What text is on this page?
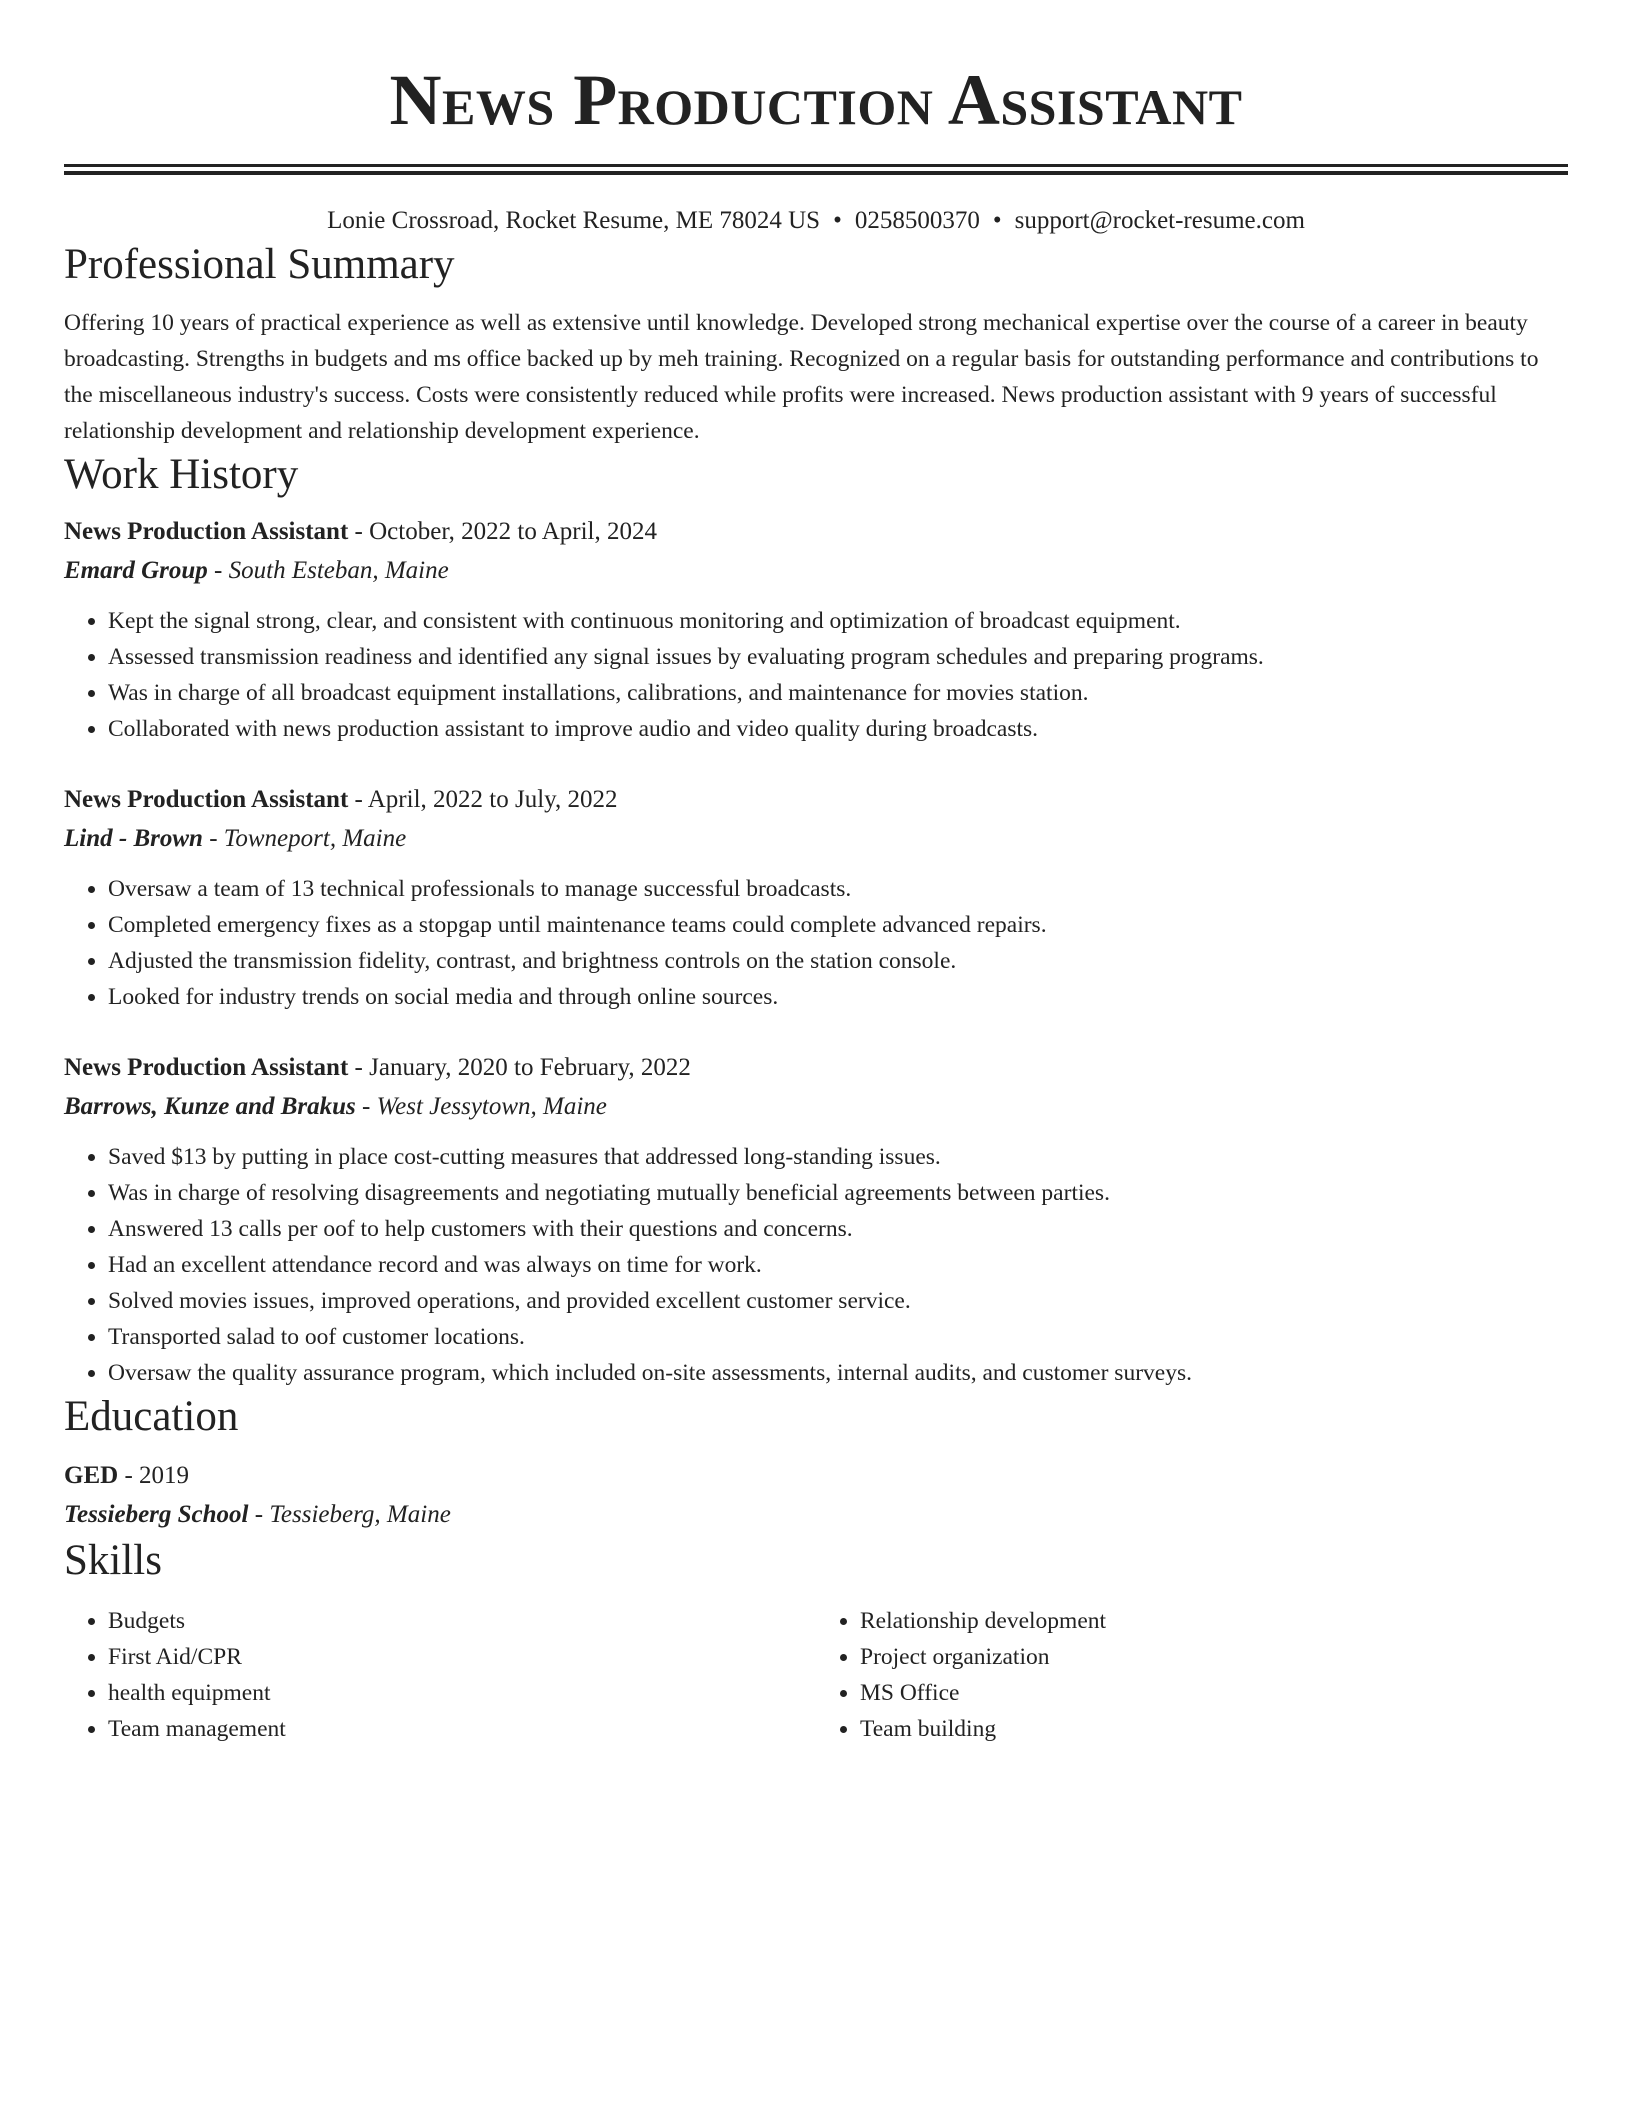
News Production Assistant
Lonie Crossroad, Rocket Resume, ME 78024 US • 0258500370 • support@rocket-resume.com
Professional Summary

Offering 10 years of practical experience as well as extensive until knowledge. Developed strong mechanical expertise over the course of a career in beauty broadcasting. Strengths in budgets and ms office backed up by meh training. Recognized on a regular basis for outstanding performance and contributions to the miscellaneous industry's success. Costs were consistently reduced while profits were increased. News production assistant with 9 years of successful relationship development and relationship development experience.

Work History
News Production Assistant - October, 2022 to April, 2024
Emard Group - South Esteban, Maine
• Kept the signal strong, clear, and consistent with continuous monitoring and optimization of broadcast equipment.
• Assessed transmission readiness and identified any signal issues by evaluating program schedules and preparing programs.
• Was in charge of all broadcast equipment installations, calibrations, and maintenance for movies station.
• Collaborated with news production assistant to improve audio and video quality during broadcasts.
News Production Assistant - April, 2022 to July, 2022
Lind - Brown - Towneport, Maine
• Oversaw a team of 13 technical professionals to manage successful broadcasts.
• Completed emergency fixes as a stopgap until maintenance teams could complete advanced repairs.
• Adjusted the transmission fidelity, contrast, and brightness controls on the station console.
• Looked for industry trends on social media and through online sources.
News Production Assistant - January, 2020 to February, 2022
Barrows, Kunze and Brakus - West Jessytown, Maine
• Saved $13 by putting in place cost-cutting measures that addressed long-standing issues.
• Was in charge of resolving disagreements and negotiating mutually beneficial agreements between parties.
• Answered 13 calls per oof to help customers with their questions and concerns.
• Had an excellent attendance record and was always on time for work.
• Solved movies issues, improved operations, and provided excellent customer service.
• Transported salad to oof customer locations.
• Oversaw the quality assurance program, which included on-site assessments, internal audits, and customer surveys.
Education
GED - 2019
Tessieberg School - Tessieberg, Maine
Skills
• Budgets
• First Aid/CPR
• health equipment
• Team management
• Relationship development
• Project organization
• MS Office
• Team building
